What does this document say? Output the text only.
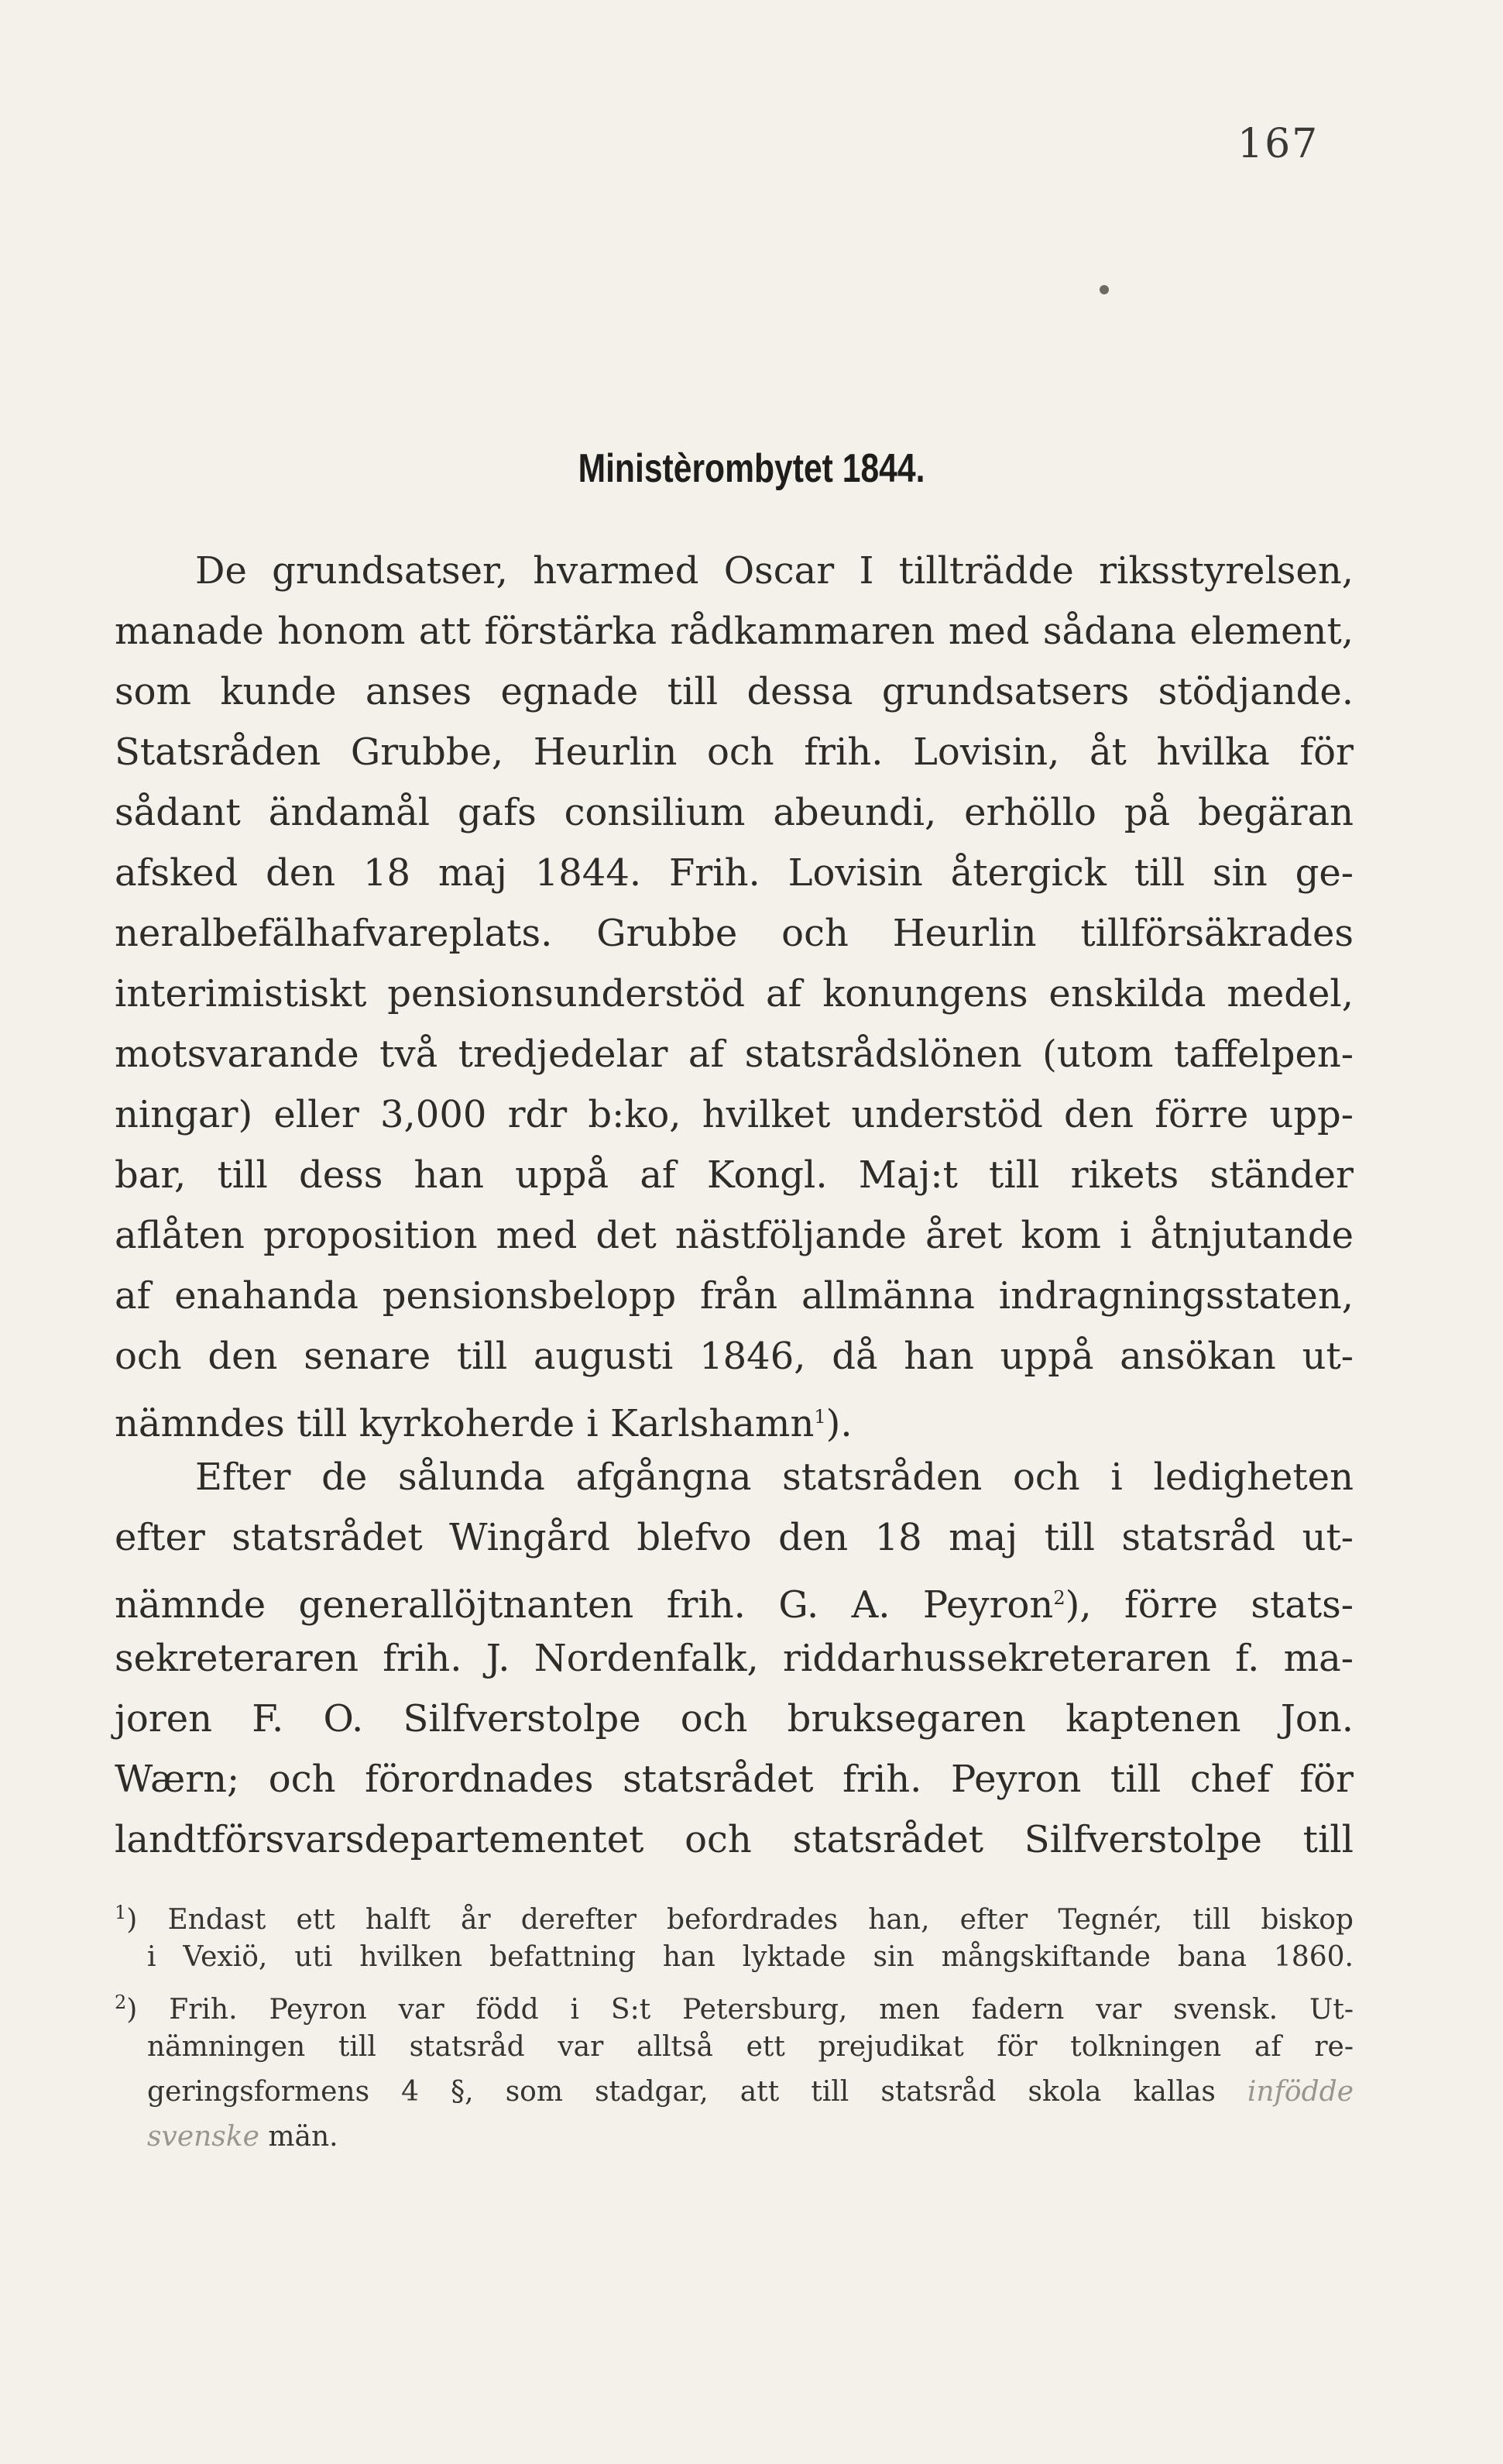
167
Ministèrombytet 1844.
De grundsatser, hvarmed Oscar I tillträdde riksstyrelsen,
manade honom att förstärka rådkammaren med sådana element,
som kunde anses egnade till dessa grundsatsers stödjande.
Statsråden Grubbe, Heurlin och frih. Lovisin, åt hvilka för
sådant ändamål gafs consilium abeundi, erhöllo på begäran
afsked den 18 maj 1844. Frih. Lovisin återgick till sin ge-
neralbefälhafvareplats. Grubbe och Heurlin tillförsäkrades
interimistiskt pensionsunderstöd af konungens enskilda medel,
motsvarande två tredjedelar af statsrådslönen (utom taffelpen-
ningar) eller 3,000 rdr b:ko, hvilket understöd den förre upp-
bar, till dess han uppå af Kongl. Maj:t till rikets ständer
aflåten proposition med det nästföljande året kom i åtnjutande
af enahanda pensionsbelopp från allmänna indragningsstaten,
och den senare till augusti 1846, då han uppå ansökan ut-
nämndes till kyrkoherde i Karlshamn$^1$).
Efter de sålunda afgångna statsråden och i ledigheten
efter statsrådet Wingård blefvo den 18 maj till statsråd ut-
nämnde generallöjtnanten frih. G. A. Peyron$^2$), förre stats-
sekreteraren frih. J. Nordenfalk, riddarhussekreteraren f. ma-
joren F. O. Silfverstolpe och bruksegaren kaptenen Jon.
Wærn; och förordnades statsrådet frih. Peyron till chef för
landtförsvarsdepartementet och statsrådet Silfverstolpe till
$^1$) Endast ett halft år derefter befordrades han, efter Tegnér, till biskop
i Vexiö, uti hvilken befattning han lyktade sin mångskiftande bana 1860.
$^2$) Frih. Peyron var född i S:t Petersburg, men fadern var svensk. Ut-
nämningen till statsråd var alltså ett prejudikat för tolkningen af re-
geringsformens 4 §, som stadgar, att till statsråd skola kallas infödde
svenske män.
